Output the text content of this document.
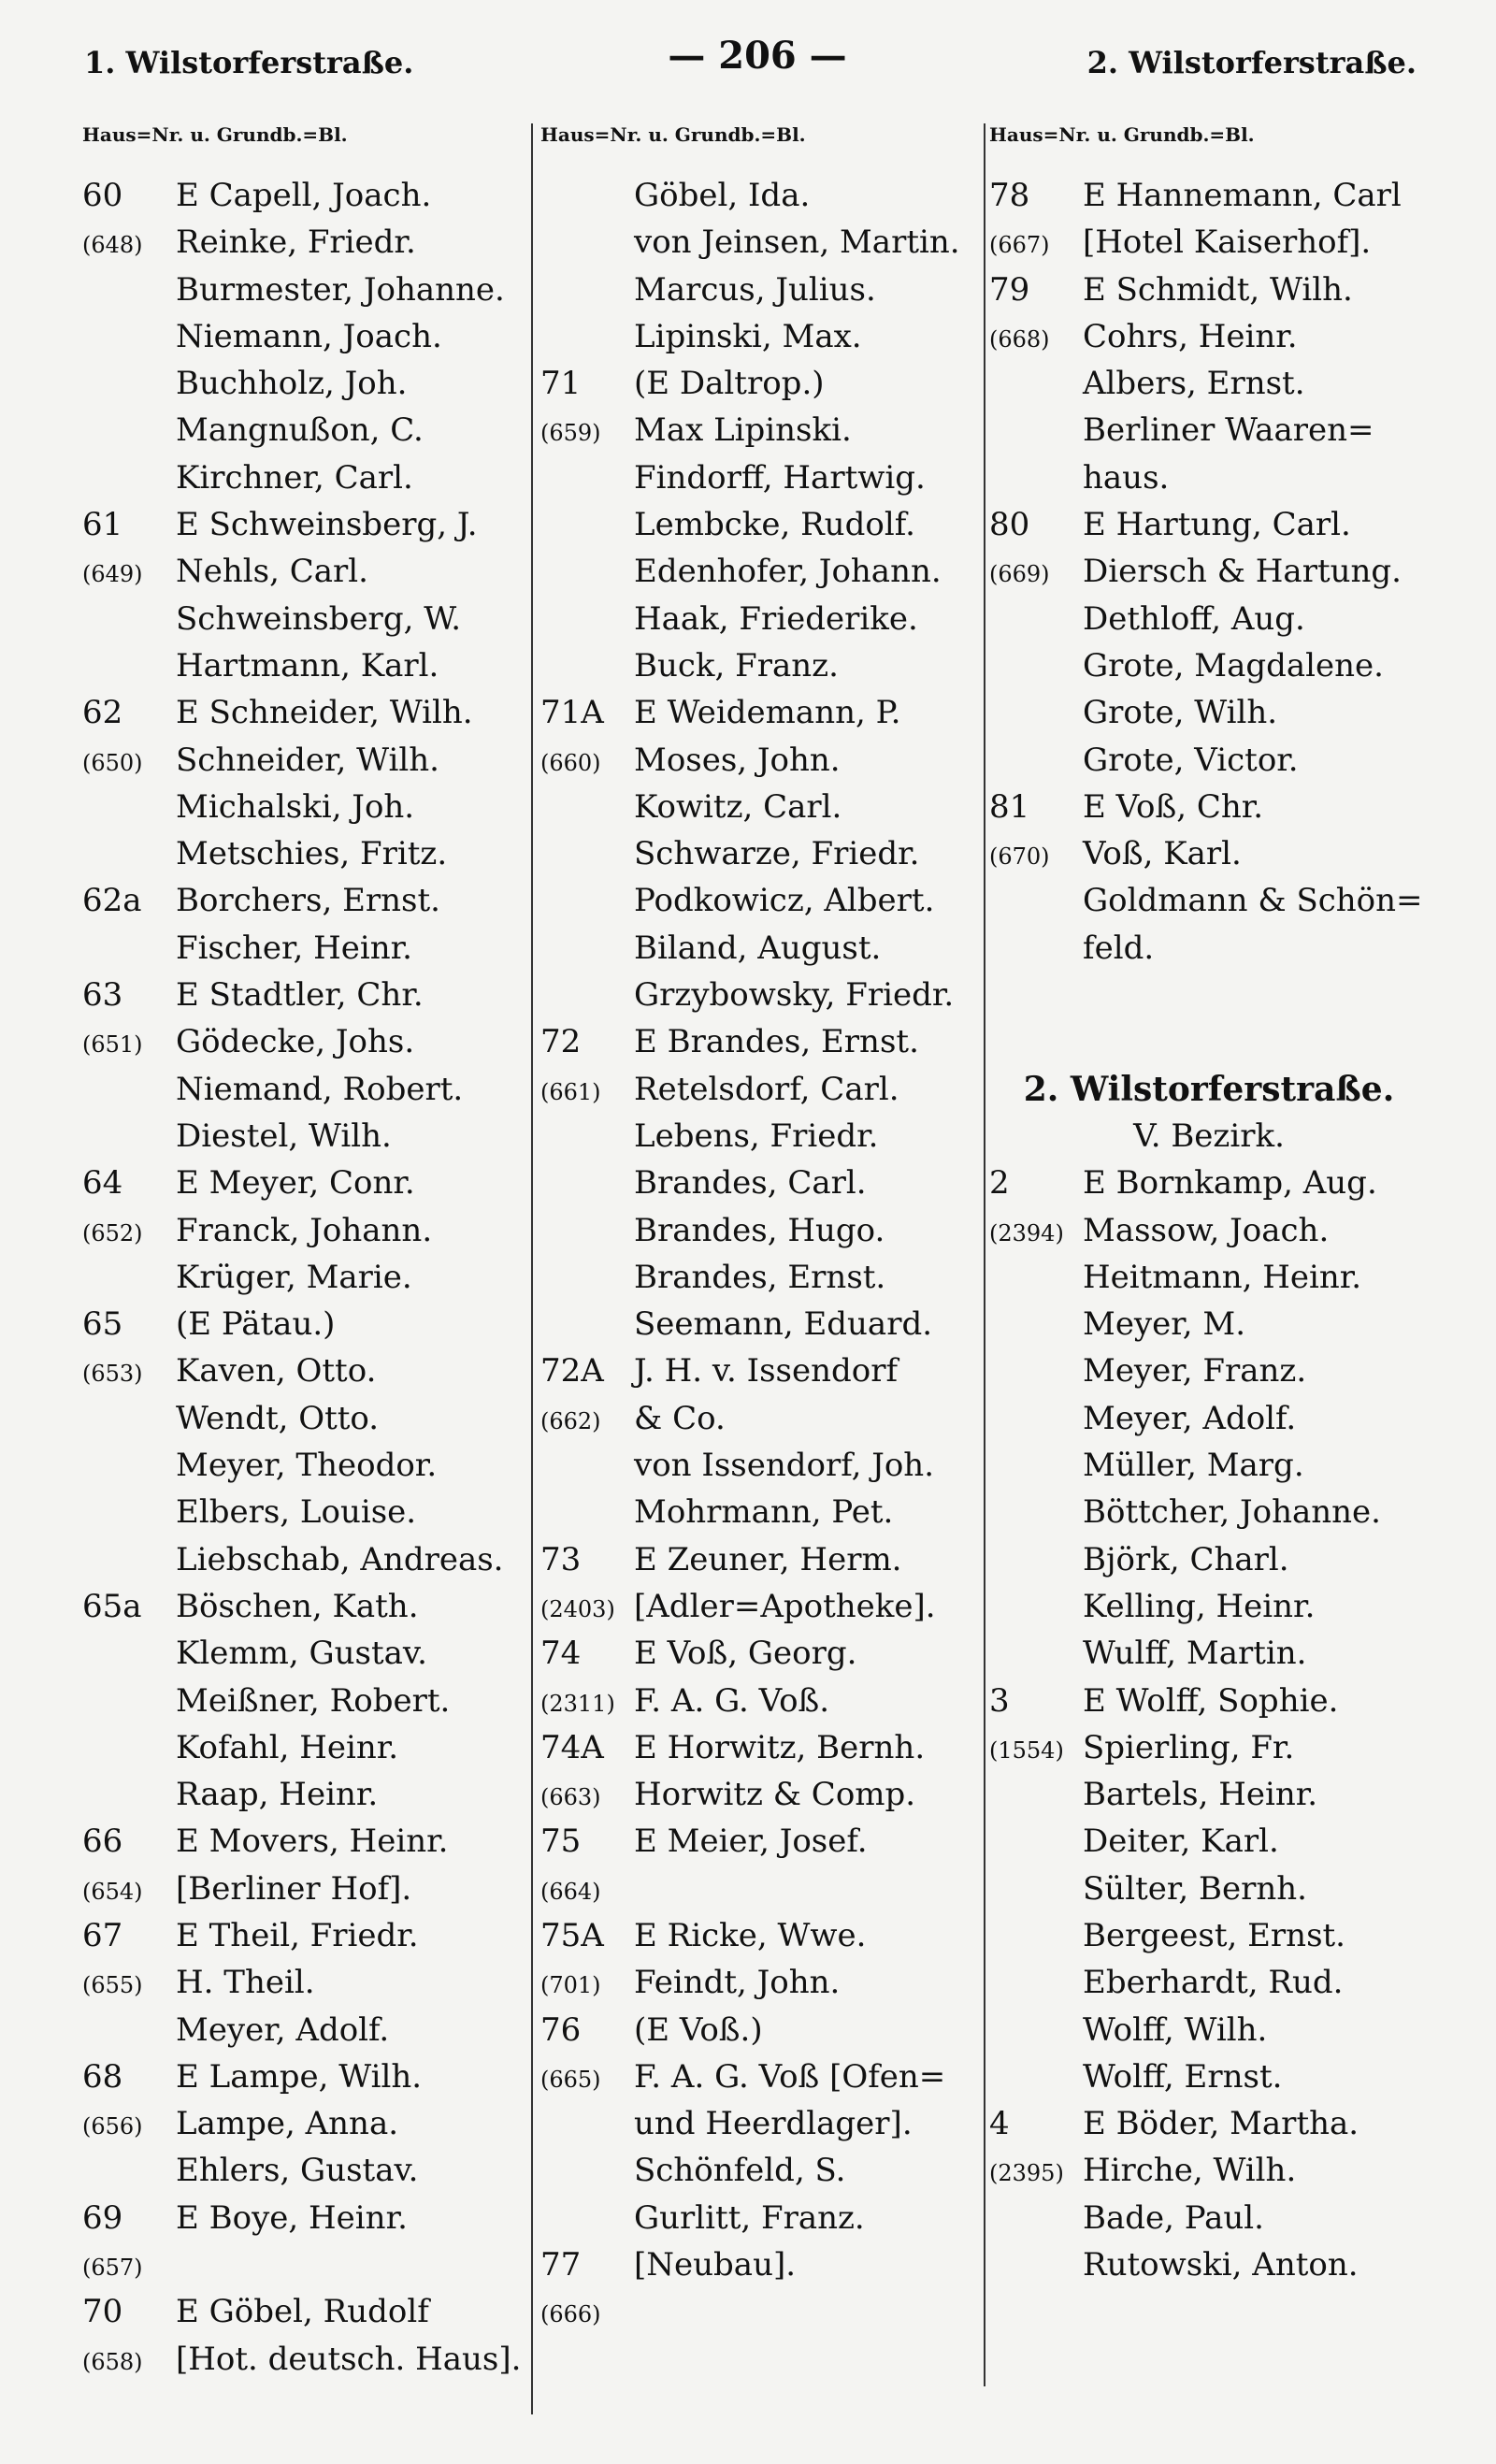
1. Wilstorferstraße.	— 206 —	2. Wilstorferstraße.
Haus=Nr. u. Grundb.=Bl.
60 E Capell, Joach.
(648) Reinke, Friedr.
Burmester, Johanne.
Niemann, Joach.
Buchholz, Joh.
Mangnußon, C.
Kirchner, Carl.
61 E Schweinsberg, J.
(649) Nehls, Carl.
Schweinsberg, W.
Hartmann, Karl.
62 E Schneider, Wilh.
(650) Schneider, Wilh.
Michalski, Joh.
Metschies, Fritz.
62a Borchers, Ernst.
Fischer, Heinr.
63 E Stadtler, Chr.
(651) Gödecke, Johs.
Niemand, Robert.
Diestel, Wilh.
64 E Meyer, Conr.
(652) Franck, Johann.
Krüger, Marie.
65 (E Pätau.)
(653) Kaven, Otto.
Wendt, Otto.
Meyer, Theodor.
Elbers, Louise.
Liebschab, Andreas.
65a Böschen, Kath.
Klemm, Gustav.
Meißner, Robert.
Kofahl, Heinr.
Raap, Heinr.
66 E Movers, Heinr.
(654) [Berliner Hof].
67 E Theil, Friedr.
(655) H. Theil.
Meyer, Adolf.
68 E Lampe, Wilh.
(656) Lampe, Anna.
Ehlers, Gustav.
69 E Boye, Heinr.
(657)
70 E Göbel, Rudolf
(658) [Hot. deutsch. Haus].
Haus=Nr. u. Grundb.=Bl.
Göbel, Ida.
von Jeinsen, Martin.
Marcus, Julius.
Lipinski, Max.
71 (E Daltrop.)
(659) Max Lipinski.
Findorff, Hartwig.
Lembcke, Rudolf.
Edenhofer, Johann.
Haak, Friederike.
Buck, Franz.
71A E Weidemann, P.
(660) Moses, John.
Kowitz, Carl.
Schwarze, Friedr.
Podkowicz, Albert.
Biland, August.
Grzybowsky, Friedr.
72 E Brandes, Ernst.
(661) Retelsdorf, Carl.
Lebens, Friedr.
Brandes, Carl.
Brandes, Hugo.
Brandes, Ernst.
Seemann, Eduard.
72A J. H. v. Issendorf
(662) & Co.
von Issendorf, Joh.
Mohrmann, Pet.
73 E Zeuner, Herm.
(2403) [Adler=Apotheke].
74 E Voß, Georg.
(2311) F. A. G. Voß.
74A E Horwitz, Bernh.
(663) Horwitz & Comp.
75 E Meier, Josef.
(664)
75A E Ricke, Wwe.
(701) Feindt, John.
76 (E Voß.)
(665) F. A. G. Voß [Ofen=
und Heerdlager].
Schönfeld, S.
Gurlitt, Franz.
77 [Neubau].
(666)
Haus=Nr. u. Grundb.=Bl.
78 E Hannemann, Carl
(667) [Hotel Kaiserhof].
79 E Schmidt, Wilh.
(668) Cohrs, Heinr.
Albers, Ernst.
Berliner Waaren=
haus.
80 E Hartung, Carl.
(669) Diersch & Hartung.
Dethloff, Aug.
Grote, Magdalene.
Grote, Wilh.
Grote, Victor.
81 E Voß, Chr.
(670) Voß, Karl.
Goldmann & Schön=
feld.
2. Wilstorferstraße.
V. Bezirk.
2 E Bornkamp, Aug.
(2394) Massow, Joach.
Heitmann, Heinr.
Meyer, M.
Meyer, Franz.
Meyer, Adolf.
Müller, Marg.
Böttcher, Johanne.
Björk, Charl.
Kelling, Heinr.
Wulff, Martin.
3 E Wolff, Sophie.
(1554) Spierling, Fr.
Bartels, Heinr.
Deiter, Karl.
Sülter, Bernh.
Bergeest, Ernst.
Eberhardt, Rud.
Wolff, Wilh.
Wolff, Ernst.
4 E Böder, Martha.
(2395) Hirche, Wilh.
Bade, Paul.
Rutowski, Anton.
